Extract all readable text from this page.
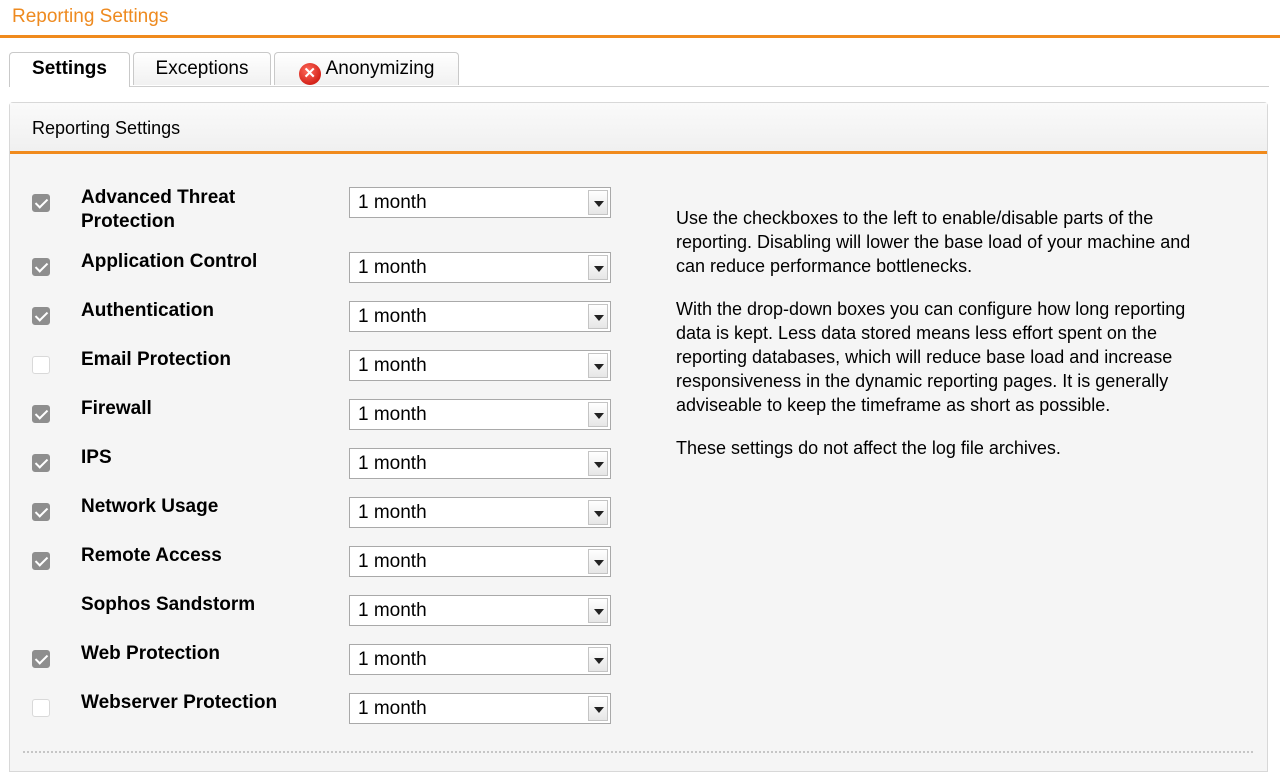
Reporting Settings
Settings	Exceptions	✕ Anonymizing
Reporting Settings
Advanced Threat
Protection
1 month
Application Control	1 month
Authentication	1 month
Email Protection	1 month
Firewall	1 month
IPS	1 month
Network Usage	1 month
Remote Access	1 month
Sophos Sandstorm	1 month
Web Protection	1 month
Webserver Protection	1 month

Use the checkboxes to the left to enable/disable parts of the
reporting. Disabling will lower the base load of your machine and
can reduce performance bottlenecks.

With the drop-down boxes you can configure how long reporting
data is kept. Less data stored means less effort spent on the
reporting databases, which will reduce base load and increase
responsiveness in the dynamic reporting pages. It is generally
adviseable to keep the timeframe as short as possible.

These settings do not affect the log file archives.
